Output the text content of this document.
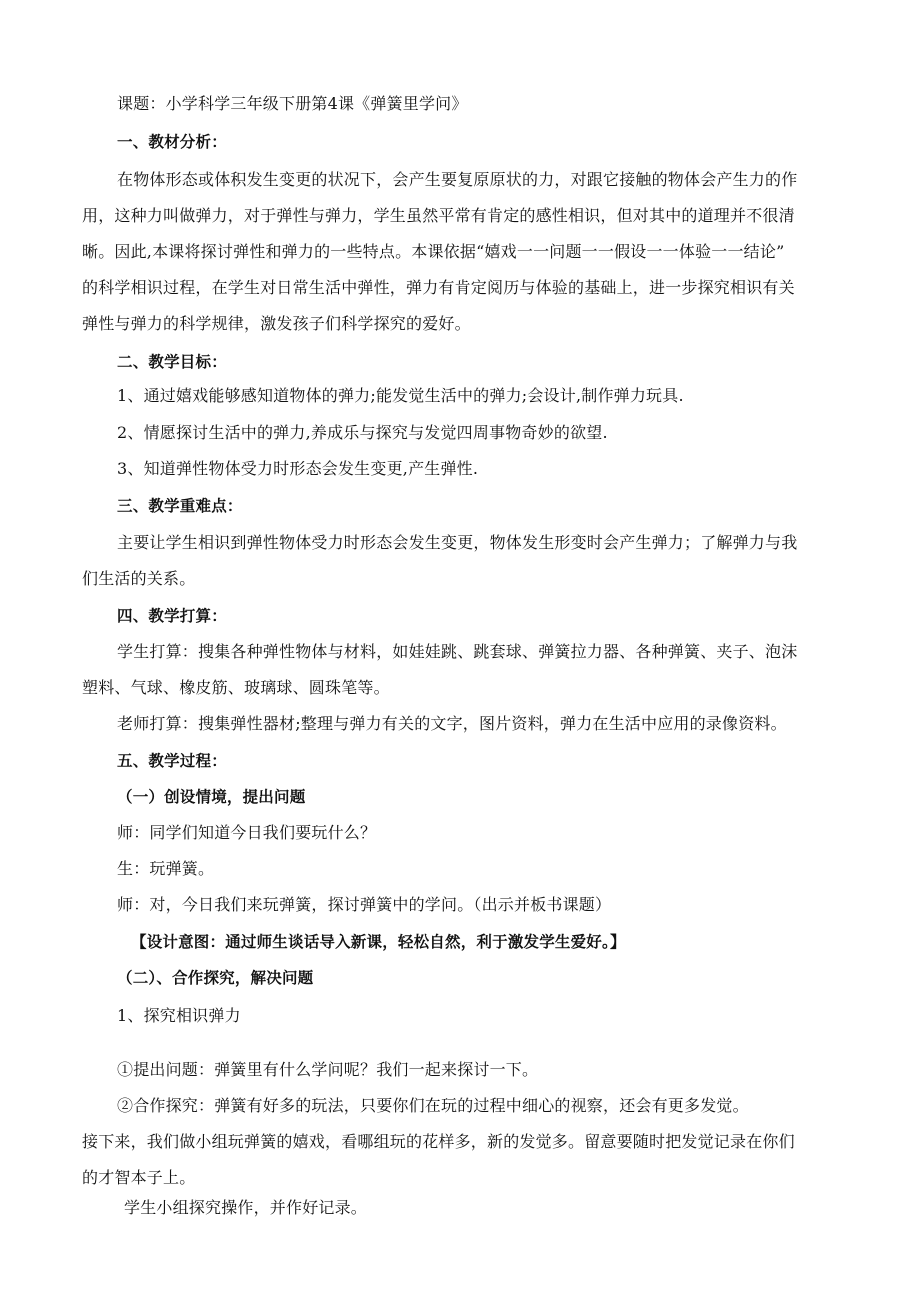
课题：小学科学三年级下册第4课《弹簧里学问》
一、教材分析：
在物体形态或体积发生变更的状况下，会产生要复原原状的力，对跟它接触的物体会产生力的作
用，这种力叫做弹力，对于弹性与弹力，学生虽然平常有肯定的感性相识，但对其中的道理并不很清
晰。因此,本课将探讨弹性和弹力的一些特点。本课依据“嬉戏一一问题一一假设一一体验一一结论”
的科学相识过程，在学生对日常生活中弹性，弹力有肯定阅历与体验的基础上，进一步探究相识有关
弹性与弹力的科学规律，激发孩子们科学探究的爱好。
二、教学目标：
1、通过嬉戏能够感知道物体的弹力;能发觉生活中的弹力;会设计,制作弹力玩具.
2、情愿探讨生活中的弹力,养成乐与探究与发觉四周事物奇妙的欲望.
3、知道弹性物体受力时形态会发生变更,产生弹性.
三、教学重难点：
主要让学生相识到弹性物体受力时形态会发生变更，物体发生形变时会产生弹力；了解弹力与我
们生活的关系。
四、教学打算：
学生打算：搜集各种弹性物体与材料，如娃娃跳、跳套球、弹簧拉力器、各种弹簧、夹子、泡沫
塑料、气球、橡皮筋、玻璃球、圆珠笔等。
老师打算：搜集弹性器材;整理与弹力有关的文字，图片资料，弹力在生活中应用的录像资料。
五、教学过程：
（一）创设情境，提出问题
师：同学们知道今日我们要玩什么？
生：玩弹簧。
师：对，今日我们来玩弹簧，探讨弹簧中的学问。（出示并板书课题）
【设计意图：通过师生谈话导入新课，轻松自然，利于激发学生爱好。】
（二）、合作探究，解决问题
1、探究相识弹力
①提出问题：弹簧里有什么学问呢？我们一起来探讨一下。
②合作探究：弹簧有好多的玩法，只要你们在玩的过程中细心的视察，还会有更多发觉。
接下来，我们做小组玩弹簧的嬉戏，看哪组玩的花样多，新的发觉多。留意要随时把发觉记录在你们
的才智本子上。
学生小组探究操作，并作好记录。
